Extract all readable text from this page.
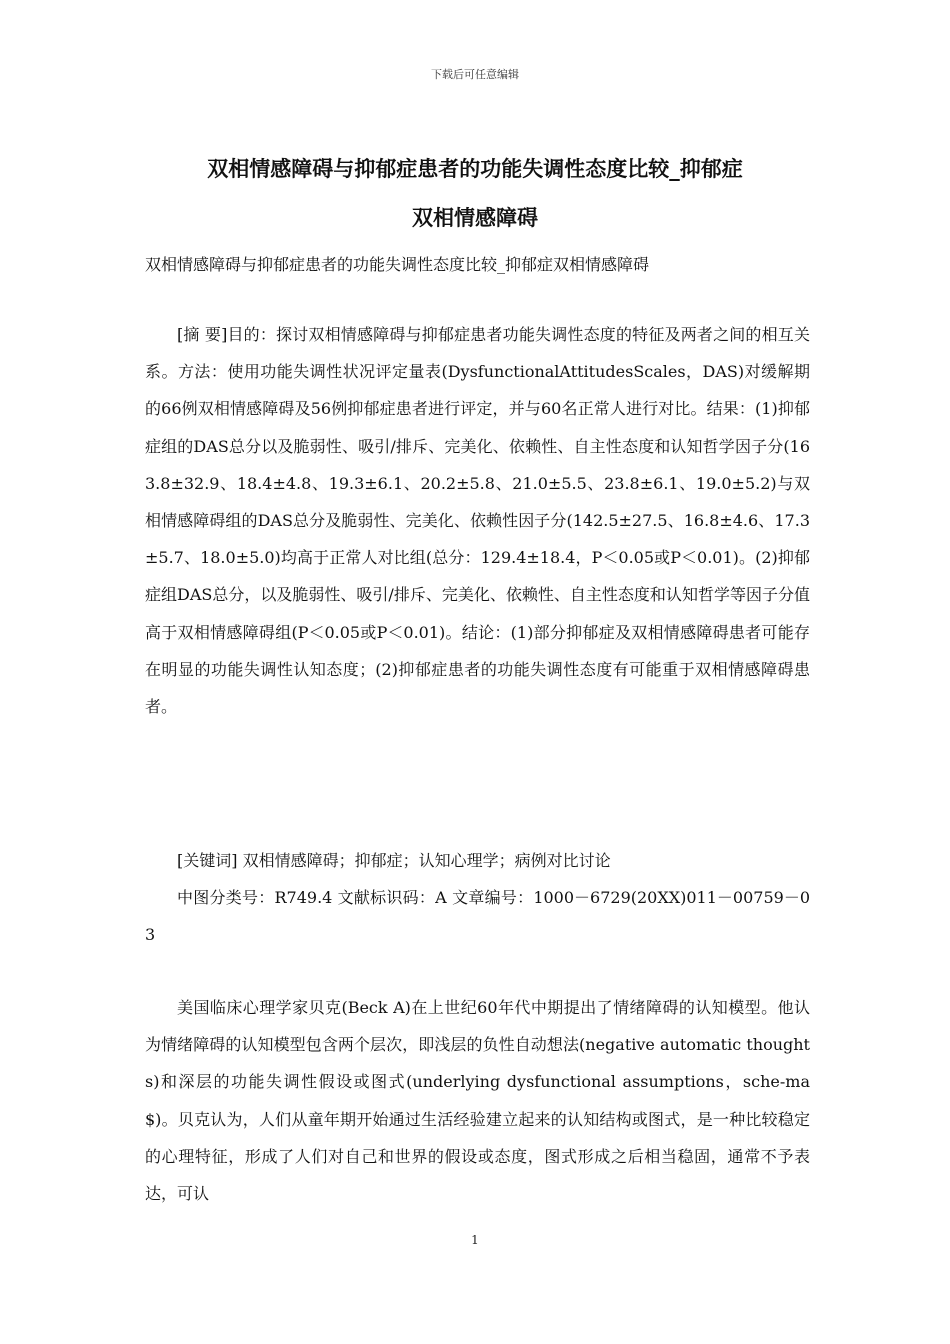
下载后可任意编辑
双相情感障碍与抑郁症患者的功能失调性态度比较_抑郁症
双相情感障碍
双相情感障碍与抑郁症患者的功能失调性态度比较_抑郁症双相情感障碍

[摘 要]目的：探讨双相情感障碍与抑郁症患者功能失调性态度的特征及两者之间的相互关系。方法：使用功能失调性状况评定量表(DysfunctionalAttitudesScales，DAS)对缓解期的66例双相情感障碍及56例抑郁症患者进行评定，并与60名正常人进行对比。结果：(1)抑郁症组的DAS总分以及脆弱性、吸引/排斥、完美化、依赖性、自主性态度和认知哲学因子分(163.8±32.9、18.4±4.8、19.3±6.1、20.2±5.8、21.0±5.5、23.8±6.1、19.0±5.2)与双相情感障碍组的DAS总分及脆弱性、完美化、依赖性因子分(142.5±27.5、16.8±4.6、17.3±5.7、18.0±5.0)均高于正常人对比组(总分：129.4±18.4，P＜0.05或P＜0.01)。(2)抑郁症组DAS总分，以及脆弱性、吸引/排斥、完美化、依赖性、自主性态度和认知哲学等因子分值高于双相情感障碍组(P＜0.05或P＜0.01)。结论：(1)部分抑郁症及双相情感障碍患者可能存在明显的功能失调性认知态度；(2)抑郁症患者的功能失调性态度有可能重于双相情感障碍患者。

[关键词] 双相情感障碍；抑郁症；认知心理学；病例对比讨论

中图分类号：R749.4 文献标识码：A 文章编号：1000－6729(20XX)011－00759－03

美国临床心理学家贝克(Beck A)在上世纪60年代中期提出了情绪障碍的认知模型。他认为情绪障碍的认知模型包含两个层次，即浅层的负性自动想法(negative automatic thoughts)和深层的功能失调性假设或图式(underlying dysfunctional assumptions，sche-ma$)。贝克认为，人们从童年期开始通过生活经验建立起来的认知结构或图式，是一种比较稳定的心理特征，形成了人们对自己和世界的假设或态度，图式形成之后相当稳固，通常不予表达，可认

1
